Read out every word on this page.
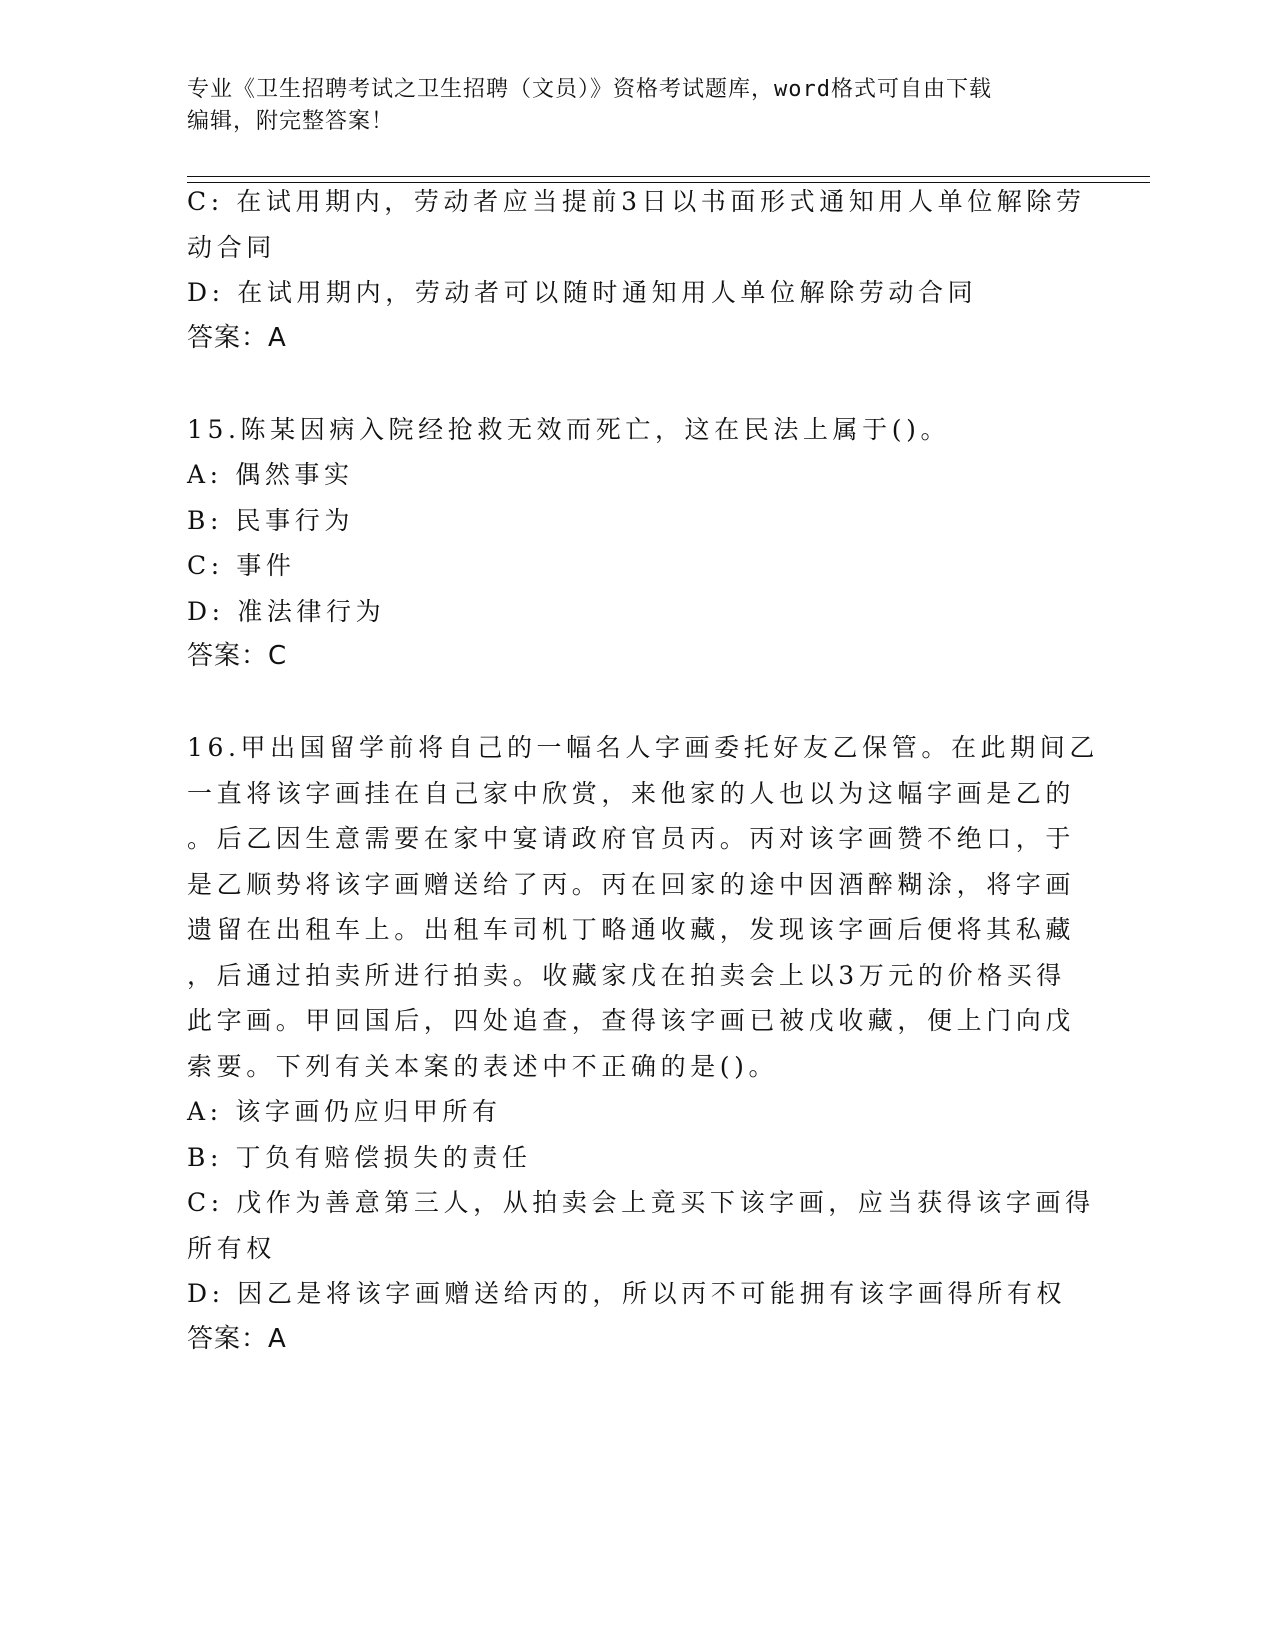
专业《卫生招聘考试之卫生招聘（文员）》资格考试题库，word格式可自由下载
编辑，附完整答案！
C: 在试用期内，劳动者应当提前3日以书面形式通知用人单位解除劳
动合同
D: 在试用期内，劳动者可以随时通知用人单位解除劳动合同
答案：A
15.陈某因病入院经抢救无效而死亡，这在民法上属于()。
A: 偶然事实
B: 民事行为
C: 事件
D: 准法律行为
答案：C
16.甲出国留学前将自己的一幅名人字画委托好友乙保管。在此期间乙
一直将该字画挂在自己家中欣赏，来他家的人也以为这幅字画是乙的
。后乙因生意需要在家中宴请政府官员丙。丙对该字画赞不绝口，于
是乙顺势将该字画赠送给了丙。丙在回家的途中因酒醉糊涂，将字画
遗留在出租车上。出租车司机丁略通收藏，发现该字画后便将其私藏
，后通过拍卖所进行拍卖。收藏家戊在拍卖会上以3万元的价格买得
此字画。甲回国后，四处追查，查得该字画已被戊收藏，便上门向戊
索要。下列有关本案的表述中不正确的是()。
A: 该字画仍应归甲所有
B: 丁负有赔偿损失的责任
C: 戊作为善意第三人，从拍卖会上竟买下该字画，应当获得该字画得
所有权
D: 因乙是将该字画赠送给丙的，所以丙不可能拥有该字画得所有权
答案：A
